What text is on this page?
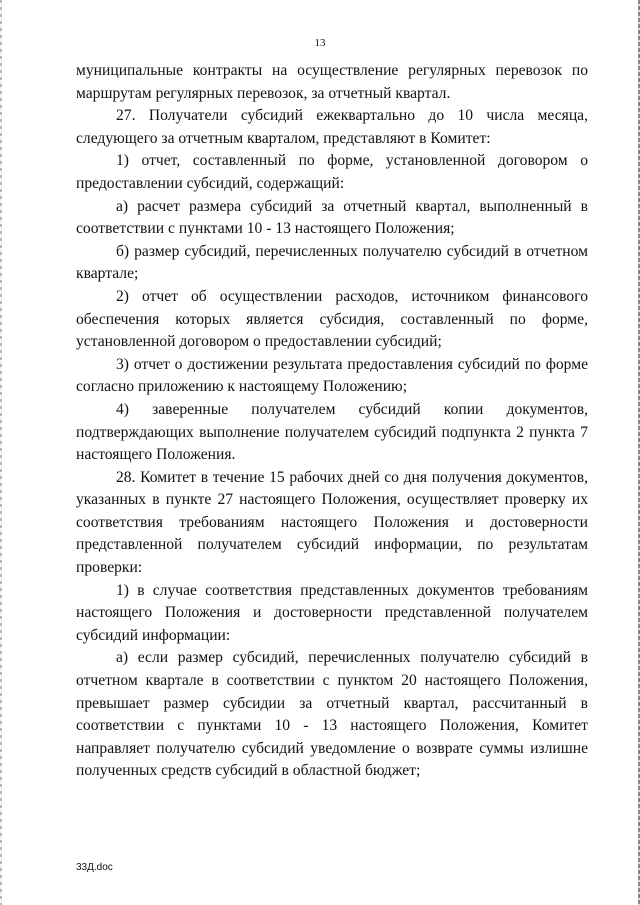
13

муниципальные контракты на осуществление регулярных перевозок по маршрутам регулярных перевозок, за отчетный квартал.

27. Получатели субсидий ежеквартально до 10 числа месяца, следующего за отчетным кварталом, представляют в Комитет:

1) отчет, составленный по форме, установленной договором о предоставлении субсидий, содержащий:

а) расчет размера субсидий за отчетный квартал, выполненный в соответствии с пунктами 10 - 13 настоящего Положения;

б) размер субсидий, перечисленных получателю субсидий в отчетном квартале;

2) отчет об осуществлении расходов, источником финансового обеспечения которых является субсидия, составленный по форме, установленной договором о предоставлении субсидий;

3) отчет о достижении результата предоставления субсидий по форме согласно приложению к настоящему Положению;

4) заверенные получателем субсидий копии документов, подтверждающих выполнение получателем субсидий подпункта 2 пункта 7 настоящего Положения.

28. Комитет в течение 15 рабочих дней со дня получения документов, указанных в пункте 27 настоящего Положения, осуществляет проверку их соответствия требованиям настоящего Положения и достоверности представленной получателем субсидий информации, по результатам проверки:

1) в случае соответствия представленных документов требованиям настоящего Положения и достоверности представленной получателем субсидий информации:

а) если размер субсидий, перечисленных получателю субсидий в отчетном квартале в соответствии с пунктом 20 настоящего Положения, превышает размер субсидии за отчетный квартал, рассчитанный в соответствии с пунктами 10 - 13 настоящего Положения, Комитет направляет получателю субсидий уведомление о возврате суммы излишне полученных средств субсидий в областной бюджет;

33Д.doc
